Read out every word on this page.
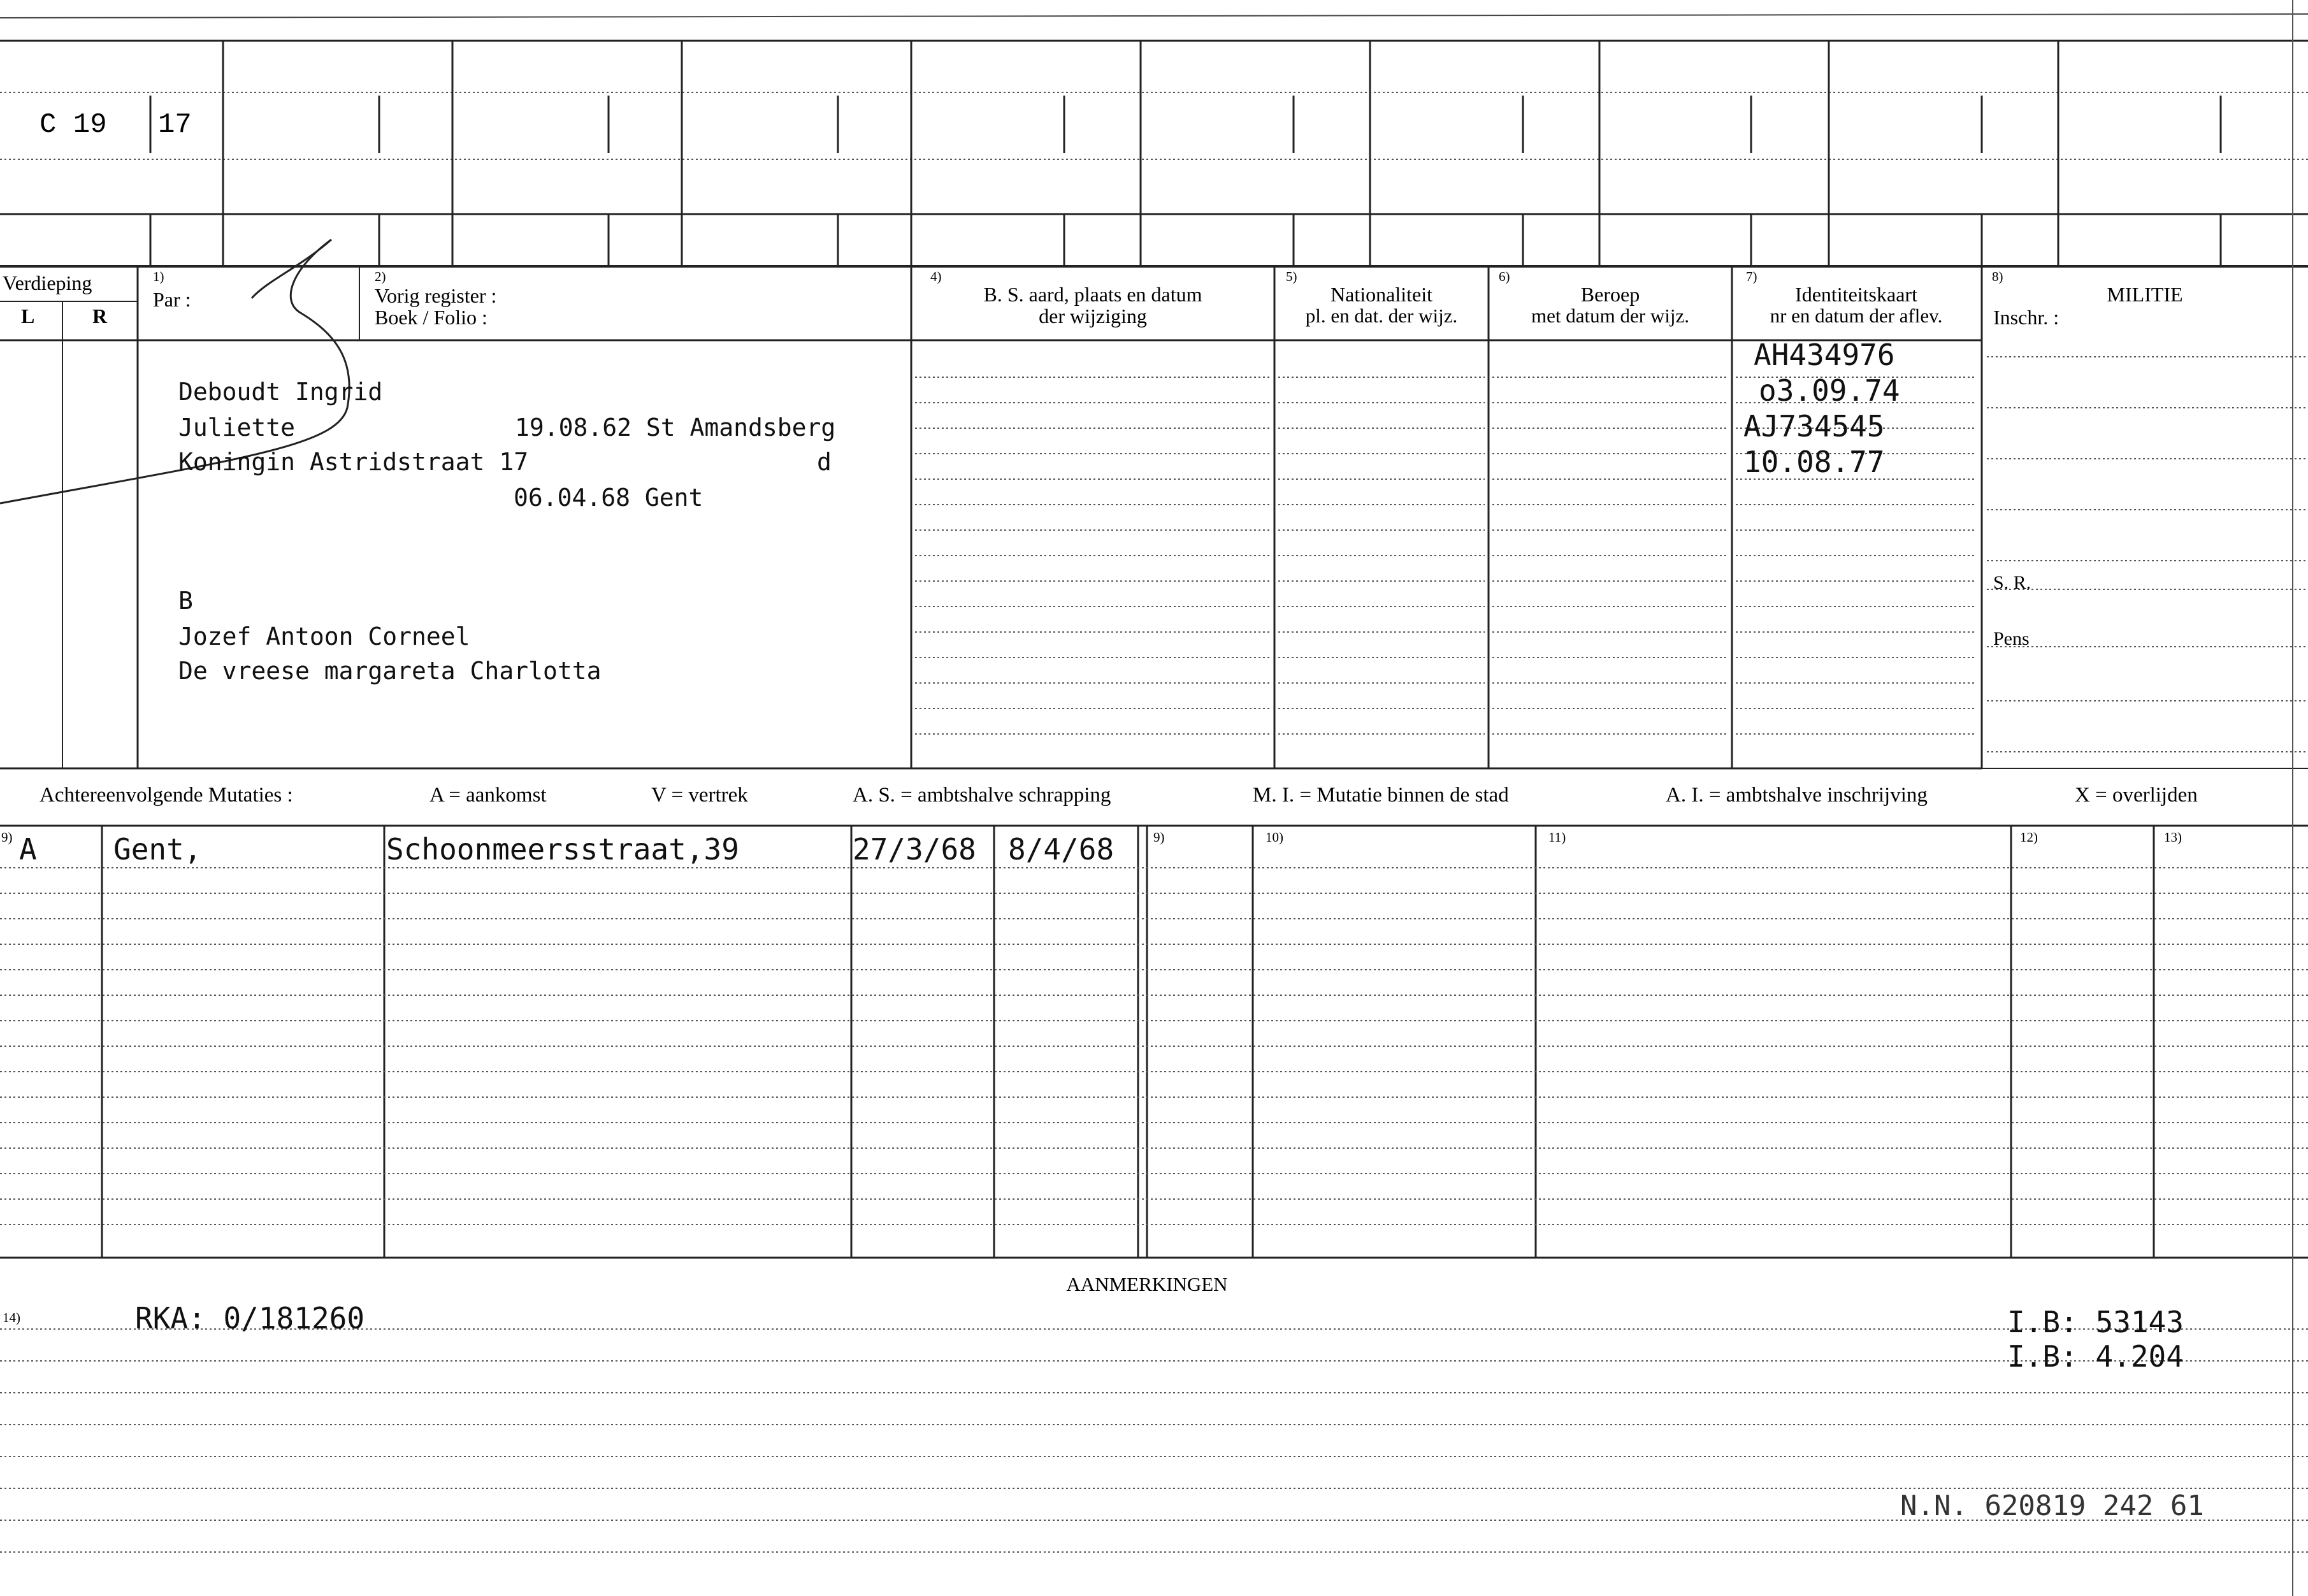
C 19 17
Verdieping
L	R
1)
Par :
2)
Vorig register :
Boek / Folio :
4)
B. S. aard, plaats en datum
der wijziging
5)
Nationaliteit
pl. en dat. der wijz.
6)
Beroep
met datum der wijz.
7)
Identiteitskaart
nr en datum der aflev.
8)
MILITIE
Inschr. :
S. R.
Pens
Deboudt Ingrid
Juliette	19.08.62 St Amandsberg
Koningin Astridstraat 17	d
06.04.68 Gent
B
Jozef Antoon Corneel
De vreese margareta Charlotta
AH434976
o3.09.74
AJ734545
10.08.77
Achtereenvolgende Mutaties :	A = aankomst	V = vertrek	A. S. = ambtshalve schrapping	M. I. = Mutatie binnen de stad	A. I. = ambtshalve inschrijving	X = overlijden
9)	9)	10)	11)	12)	13)
A	Gent,	Schoonmeersstraat,39	27/3/68 8/4/68
AANMERKINGEN
14)	RKA: 0/181260	I.B: 53143
I.B: 4.204
N.N. 620819 242 61
